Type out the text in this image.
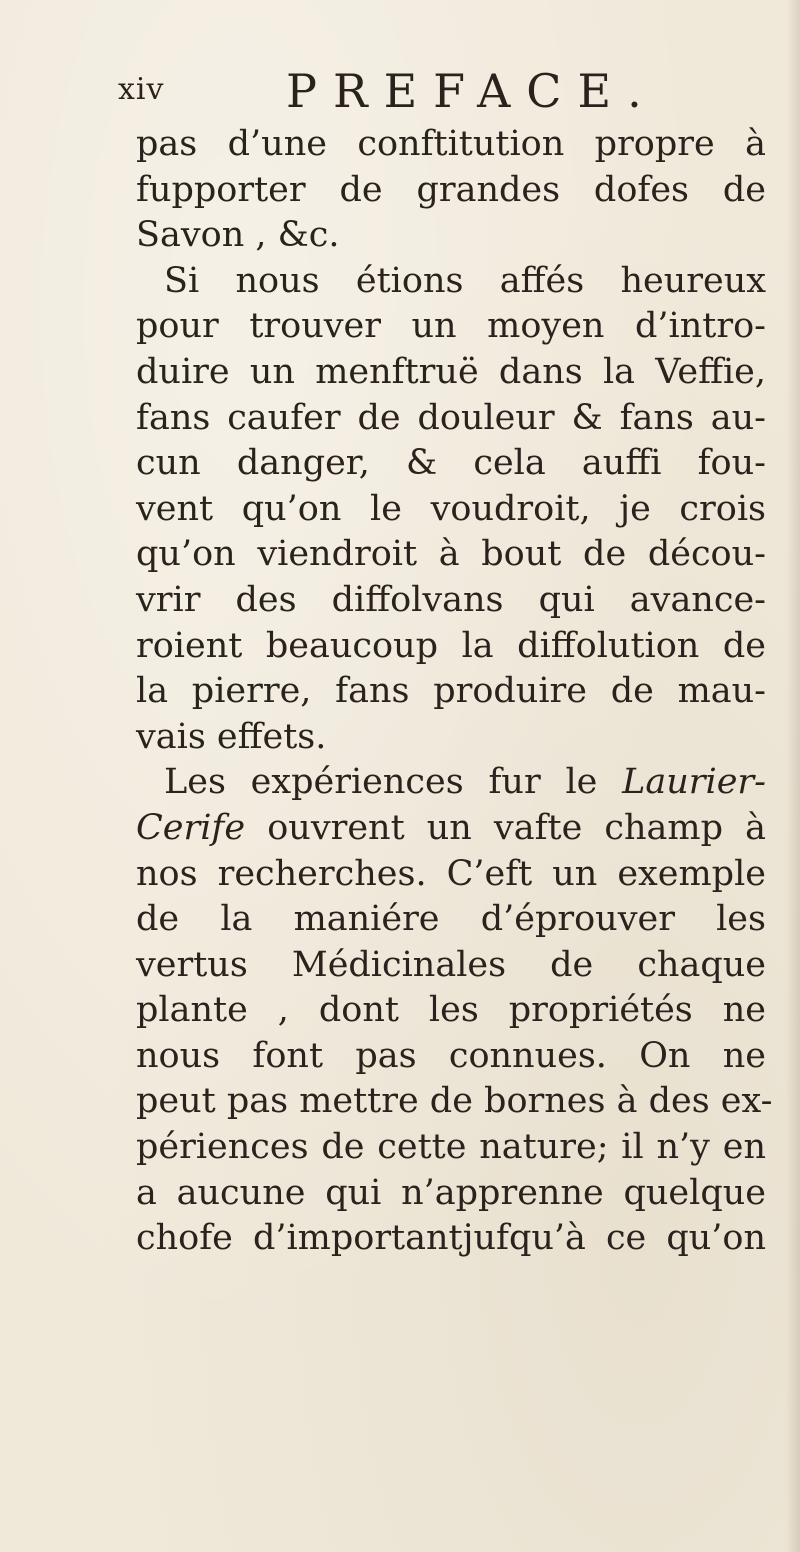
xiv	PREFACE.
pas d’une conftitution propre à
fupporter de grandes dofes de
Savon , &c.
Si nous étions affés heureux
pour trouver un moyen d’intro-
duire un menftruë dans la Veffie,
fans caufer de douleur & fans au-
cun danger, & cela auffi fou-
vent qu’on le voudroit, je crois
qu’on viendroit à bout de décou-
vrir des diffolvans qui avance-
roient beaucoup la diffolution de
la pierre, fans produire de mau-
vais effets.
Les expériences fur le Laurier-
Cerife ouvrent un vafte champ à
nos recherches. C’eft un exemple
de la maniére d’éprouver les
vertus Médicinales de chaque
plante , dont les propriétés ne
nous font pas connues. On ne
peut pas mettre de bornes à des ex-
périences de cette nature; il n’y en
a aucune qui n’apprenne quelque
chofe d’importantjufqu’à ce qu’on
